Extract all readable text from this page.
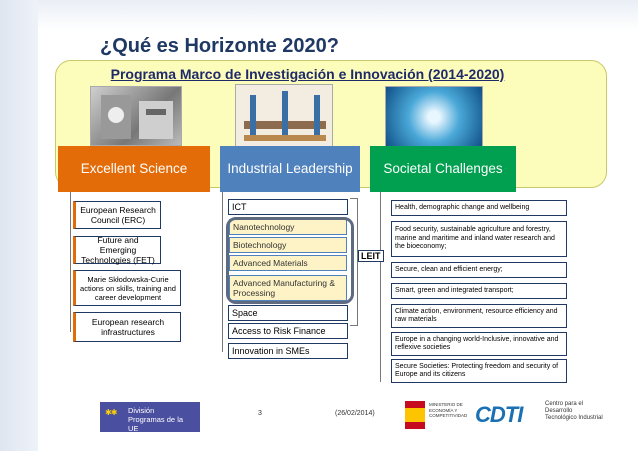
¿Qué es Horizonte 2020?
Programa Marco de Investigación e Innovación (2014-2020)
Excellent Science	Industrial Leadership	Societal Challenges
European Research Council (ERC)
Future and Emerging Technologies (FET)
Marie Skłodowska-Curie actions on skills, training and career development
European research infrastructures
ICT
Nanotechnology
Biotechnology
Advanced Materials
Advanced Manufacturing & Processing
Space
Access to Risk Finance
Innovation in SMEs
LEIT
Health, demographic change and wellbeing
Food security, sustainable agriculture and forestry, marine and maritime and inland water research and the bioeconomy;
Secure, clean and efficient energy;
Smart, green and integrated transport;
Climate action, environment, resource efficiency and raw materials
Europe in a changing world-Inclusive, innovative and reflexive societies
Secure Societies: Protecting freedom and security of Europe and its citizens
✱✱ División
Programas de la UE
3	(26/02/2014)
MINISTERIO DE ECONOMÍA Y COMPETITIVIDAD CDTI	Centro para el Desarrollo Tecnológico Industrial
